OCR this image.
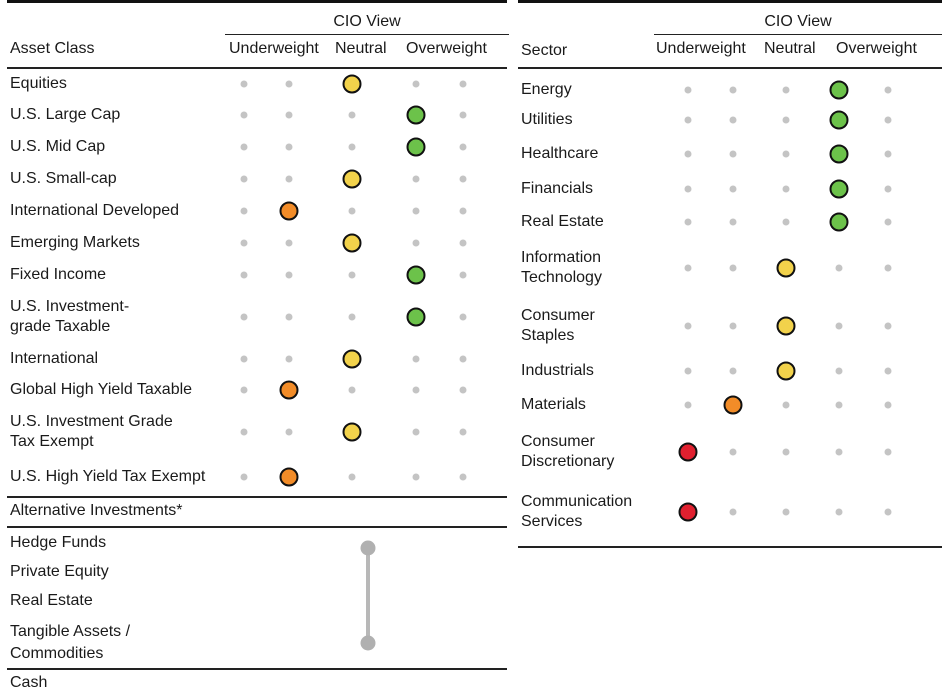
CIO View
Asset Class	Underweight Neutral Overweight
Equities
U.S. Large Cap
U.S. Mid Cap
U.S. Small-cap
International Developed
Emerging Markets
Fixed Income
U.S. Investment-
grade Taxable
International
Global High Yield Taxable
U.S. Investment Grade
Tax Exempt
U.S. High Yield Tax Exempt
Alternative Investments*
Hedge Funds
Private Equity
Real Estate
Tangible Assets /
Commodities
Cash
CIO View
Sector	Underweight Neutral Overweight
Energy
Utilities
Healthcare
Financials
Real Estate
Information
Technology
Consumer
Staples
Industrials
Materials
Consumer
Discretionary
Communication
Services
